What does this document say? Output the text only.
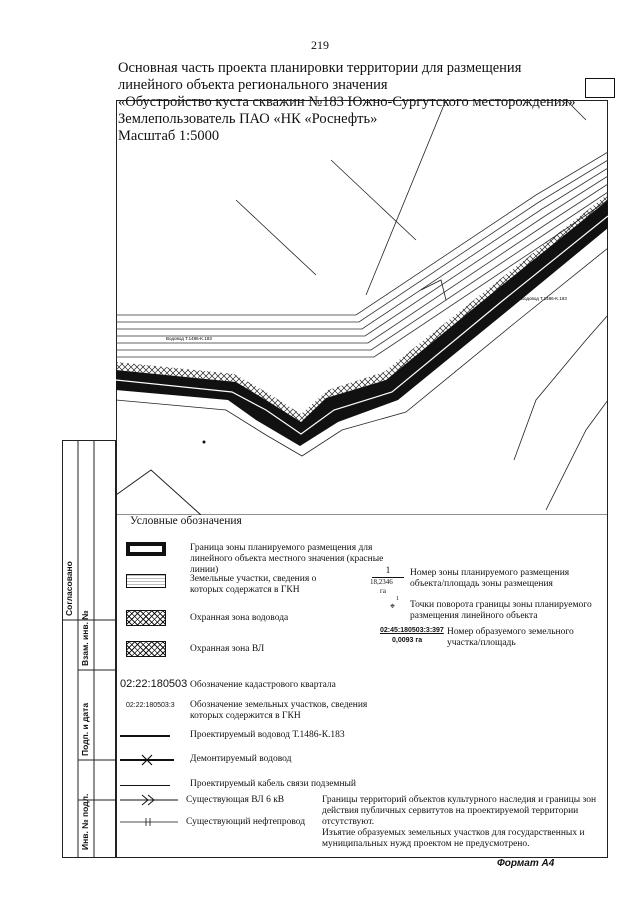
219
Основная часть проекта планировки территории для размещения
линейного объекта регионального значения
«Обустройство куста скважин №183 Южно-Сургутского месторождения»
Землепользователь ПАО «НК «Роснефть»
Масштаб 1:5000
Водовод T.1486-K.183
Водовод T.1486-K.183
Согласовано
Взам. инв. №
Подп. и дата
Инв. № подл.
Условные обозначения
Граница зоны планируемого размещения для линейного объекта местного значения (красные линии)
Земельные участки, сведения о которых содержатся в ГКН
1
18,2346
га
Номер зоны планируемого размещения объекта/площадь зоны размещения
⌖
1
Точки поворота границы зоны планируемого размещения линейного объекта
02:45:180503:3:397
0,0093 га
Номер образуемого земельного участка/площадь
Охранная зона водовода
Охранная зона ВЛ
02:22:180503 Обозначение кадастрового квартала
02:22:180503:3 Обозначение земельных участков, сведения которых содержится в ГКН
Проектируемый водовод Т.1486-К.183
Демонтируемый водовод
Проектируемый кабель связи подземный
Существующая ВЛ 6 кВ
Существующий нефтепровод
Границы территорий объектов культурного наследия и границы зон действия публичных сервитутов на проектируемой территории отсутствуют.
Изъятие образуемых земельных участков для государственных и муниципальных нужд проектом не предусмотрено.
Формат А4
